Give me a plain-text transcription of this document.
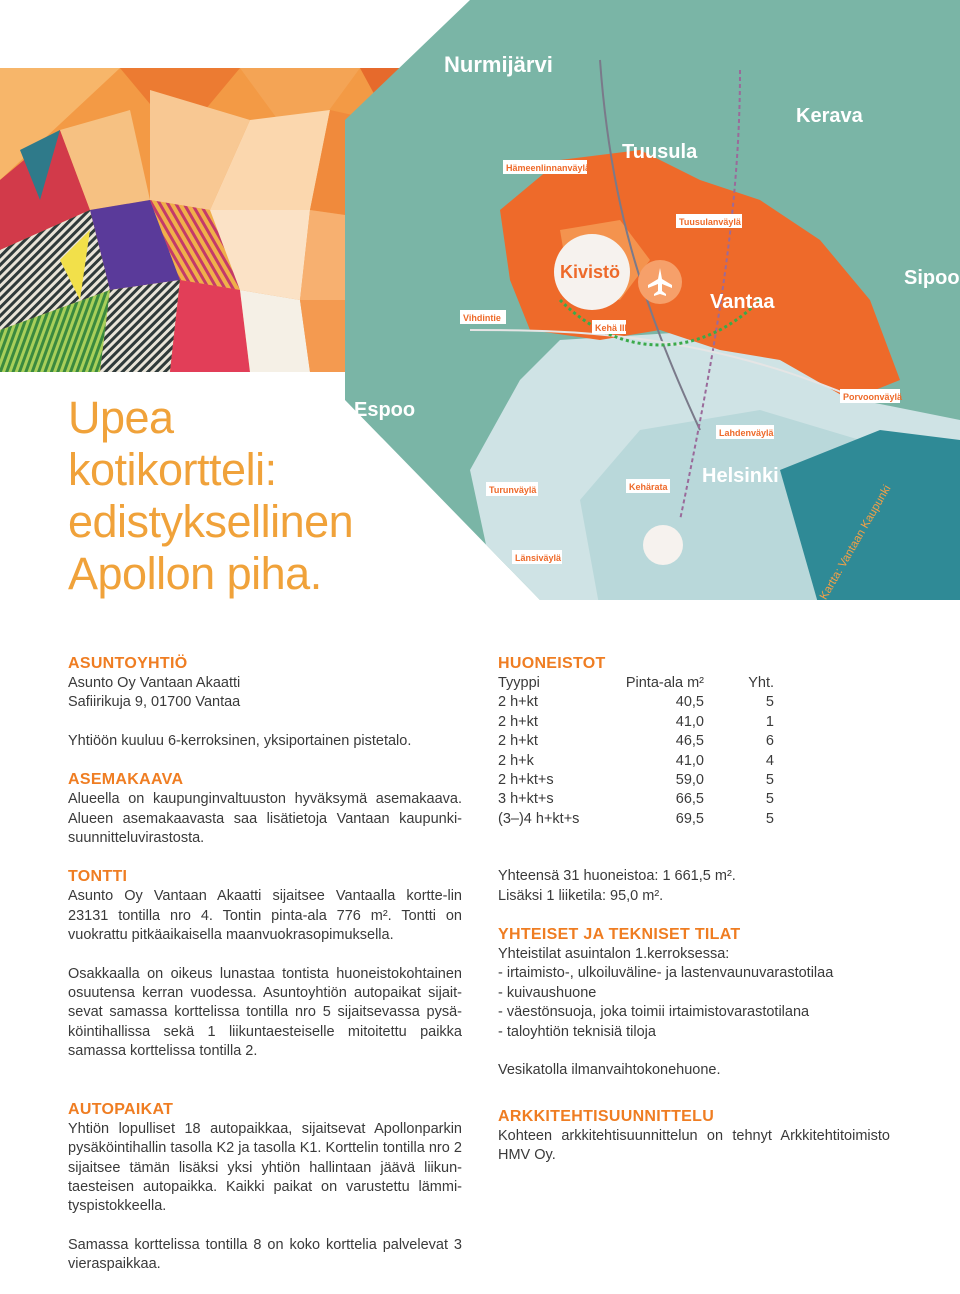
Nurmijärvi
Tuusula
Kerava
Sipoo
Kivistö
Vantaa
Espoo
Helsinki
Hämeenlinnanväylä
Tuusulanväylä
Vihdintie
Kehä III
Porvoonväylä
Lahdenväylä
Turunväylä	Kehärata
Länsiväylä	Kartta: Vantaan Kaupunki
Upea
kotikortteli:
edistyksellinen
Apollon piha.
ASUNTOYHTIÖ

Asunto Oy Vantaan Akaatti

Safiirikuja 9, 01700 Vantaa

Yhtiöön kuuluu 6-kerroksinen, yksiportainen pistetalo.

ASEMAKAAVA

Alueella on kaupunginvaltuuston hyväksymä asemakaava. Alueen asemakaavasta saa lisätietoja Vantaan kaupunki-suunnitteluvirastosta.

TONTTI

Asunto Oy Vantaan Akaatti sijaitsee Vantaalla kortte-lin 23131 tontilla nro 4. Tontin pinta-ala 776 m². Tontti on vuokrattu pitkäaikaisella maanvuokrasopimuksella.

Osakkaalla on oikeus lunastaa tontista huoneistokohtainen osuutensa kerran vuodessa. Asuntoyhtiön autopaikat sijait-sevat samassa korttelissa tontilla nro 5 sijaitsevassa pysä-köintihallissa sekä 1 liikuntaesteiselle mitoitettu paikka samassa korttelissa tontilla 2.

AUTOPAIKAT

Yhtiön lopulliset 18 autopaikkaa, sijaitsevat Apollonparkin pysäköintihallin tasolla K2 ja tasolla K1. Korttelin tontilla nro 2 sijaitsee tämän lisäksi yksi yhtiön hallintaan jäävä liikun-taesteisen autopaikka. Kaikki paikat on varustettu lämmi-tyspistokkeella.

Samassa korttelissa tontilla 8 on koko korttelia palvelevat 3 vieraspaikkaa.

HUONEISTOT
Tyyppi	Pinta-ala m²	Yht.
2 h+kt	40,5	5
2 h+kt	41,0	1
2 h+kt	46,5	6
2 h+k	41,0	4
2 h+kt+s	59,0	5
3 h+kt+s	66,5	5
(3–)4 h+kt+s	69,5	5

Yhteensä 31 huoneistoa: 1 661,5 m².

Lisäksi 1 liiketila: 95,0 m².

YHTEISET JA TEKNISET TILAT

Yhteistilat asuintalon 1.kerroksessa:

- irtaimisto-, ulkoiluväline- ja lastenvaunuvarastotilaa

- kuivaushuone

- väestönsuoja, joka toimii irtaimistovarastotilana

- taloyhtiön teknisiä tiloja

Vesikatolla ilmanvaihtokonehuone.

ARKKITEHTISUUNNITTELU

Kohteen arkkitehtisuunnittelun on tehnyt Arkkitehtitoimisto HMV Oy.
